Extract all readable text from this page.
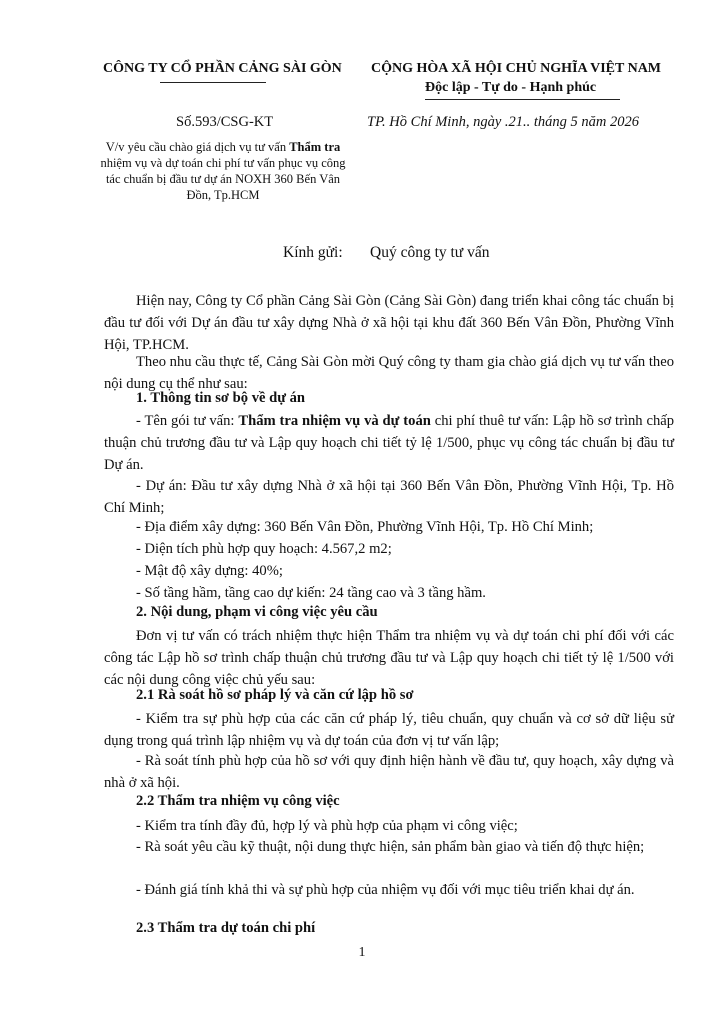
CÔNG TY CỔ PHẦN CẢNG SÀI GÒN CỘNG HÒA XÃ HỘI CHỦ NGHĨA VIỆT NAM
Độc lập - Tự do - Hạnh phúc
Số.593/CSG-KT	TP. Hồ Chí Minh, ngày .21.. tháng 5 năm 2026
V/v yêu cầu chào giá dịch vụ tư vấn Thẩm tra nhiệm vụ và dự toán chi phí tư vấn phục vụ công tác chuẩn bị đầu tư dự án NOXH 360 Bến Vân Đồn, Tp.HCM
Kính gửi: Quý công ty tư vấn
Hiện nay, Công ty Cổ phần Cảng Sài Gòn (Cảng Sài Gòn) đang triển khai công tác chuẩn bị đầu tư đối với Dự án đầu tư xây dựng Nhà ở xã hội tại khu đất 360 Bến Vân Đồn, Phường Vĩnh Hội, TP.HCM.
Theo nhu cầu thực tế, Cảng Sài Gòn mời Quý công ty tham gia chào giá dịch vụ tư vấn theo nội dung cụ thể như sau:
1. Thông tin sơ bộ về dự án
- Tên gói tư vấn: Thẩm tra nhiệm vụ và dự toán chi phí thuê tư vấn: Lập hồ sơ trình chấp thuận chủ trương đầu tư và Lập quy hoạch chi tiết tỷ lệ 1/500, phục vụ công tác chuẩn bị đầu tư Dự án.
- Dự án: Đầu tư xây dựng Nhà ở xã hội tại 360 Bến Vân Đồn, Phường Vĩnh Hội, Tp. Hồ Chí Minh;
- Địa điểm xây dựng: 360 Bến Vân Đồn, Phường Vĩnh Hội, Tp. Hồ Chí Minh;
- Diện tích phù hợp quy hoạch: 4.567,2 m2;
- Mật độ xây dựng: 40%;
- Số tầng hầm, tầng cao dự kiến: 24 tầng cao và 3 tầng hầm.
2. Nội dung, phạm vi công việc yêu cầu
Đơn vị tư vấn có trách nhiệm thực hiện Thẩm tra nhiệm vụ và dự toán chi phí đối với các công tác Lập hồ sơ trình chấp thuận chủ trương đầu tư và Lập quy hoạch chi tiết tỷ lệ 1/500 với các nội dung công việc chủ yếu sau:
2.1 Rà soát hồ sơ pháp lý và căn cứ lập hồ sơ
- Kiểm tra sự phù hợp của các căn cứ pháp lý, tiêu chuẩn, quy chuẩn và cơ sở dữ liệu sử dụng trong quá trình lập nhiệm vụ và dự toán của đơn vị tư vấn lập;
- Rà soát tính phù hợp của hồ sơ với quy định hiện hành về đầu tư, quy hoạch, xây dựng và nhà ở xã hội.
2.2 Thẩm tra nhiệm vụ công việc
- Kiểm tra tính đầy đủ, hợp lý và phù hợp của phạm vi công việc;
- Rà soát yêu cầu kỹ thuật, nội dung thực hiện, sản phẩm bàn giao và tiến độ thực hiện;
- Đánh giá tính khả thi và sự phù hợp của nhiệm vụ đối với mục tiêu triển khai dự án.
2.3 Thẩm tra dự toán chi phí
1
